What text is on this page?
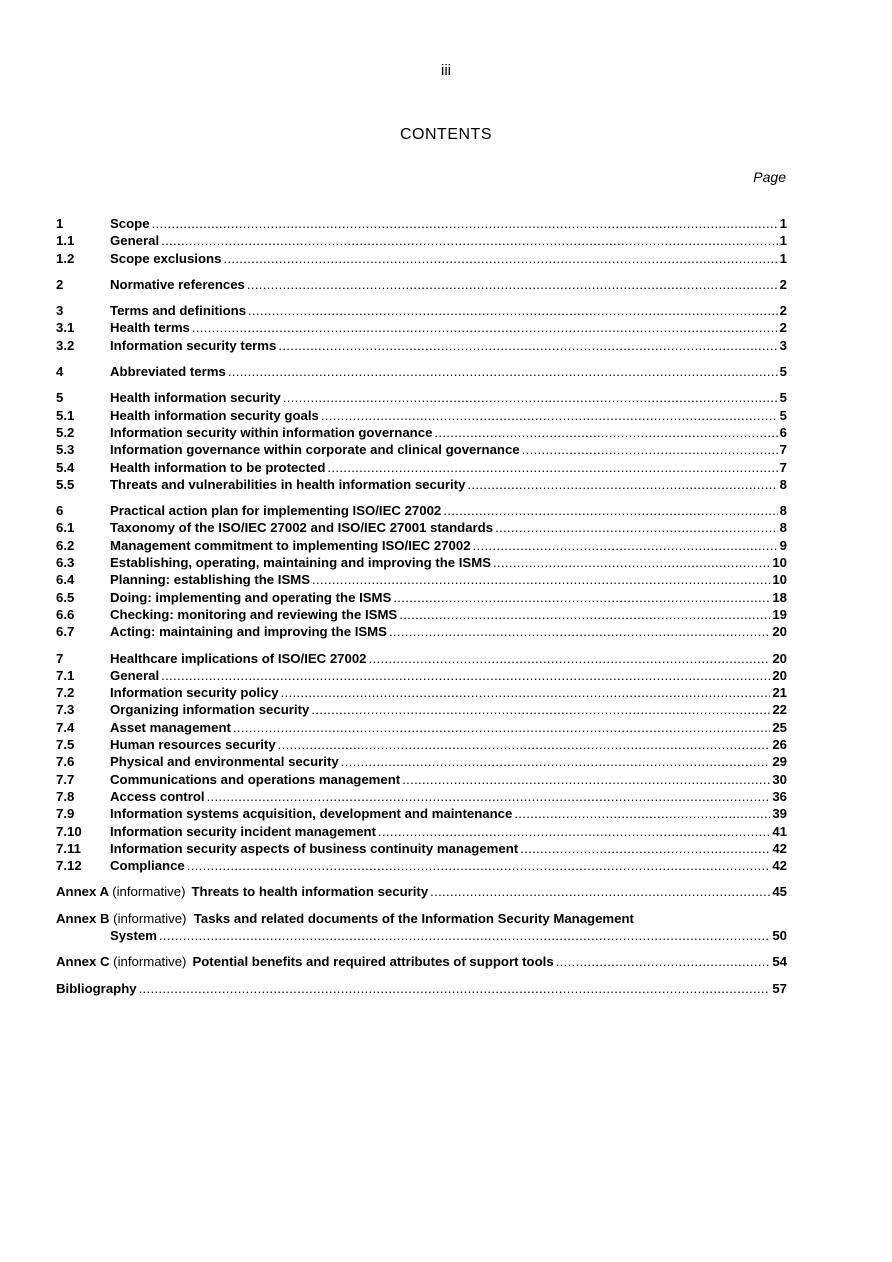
iii
CONTENTS
Page
1	Scope .....	1
1.1	General .....	1
1.2	Scope exclusions .....	1
2	Normative references .....	2
3	Terms and definitions .....	2
3.1	Health terms .....	2
3.2	Information security terms .....	3
4	Abbreviated terms .....	5
5	Health information security .....	5
5.1	Health information security goals .....	5
5.2	Information security within information governance .....	6
5.3	Information governance within corporate and clinical governance .....	7
5.4	Health information to be protected .....	7
5.5	Threats and vulnerabilities in health information security .....	8
6	Practical action plan for implementing ISO/IEC 27002 .....	8
6.1	Taxonomy of the ISO/IEC 27002 and ISO/IEC 27001 standards .....	8
6.2	Management commitment to implementing ISO/IEC 27002 .....	9
6.3	Establishing, operating, maintaining and improving the ISMS .....	10
6.4	Planning: establishing the ISMS .....	10
6.5	Doing: implementing and operating the ISMS .....	18
6.6	Checking: monitoring and reviewing the ISMS .....	19
6.7	Acting: maintaining and improving the ISMS .....	20
7	Healthcare implications of ISO/IEC 27002 .....	20
7.1	General .....	20
7.2	Information security policy .....	21
7.3	Organizing information security .....	22
7.4	Asset management .....	25
7.5	Human resources security .....	26
7.6	Physical and environmental security .....	29
7.7	Communications and operations management .....	30
7.8	Access control .....	36
7.9	Information systems acquisition, development and maintenance .....	39
7.10	Information security incident management .....	41
7.11	Information security aspects of business continuity management .....	42
7.12	Compliance .....	42
Annex A (informative) Threats to health information security .....	45
Annex B (informative) Tasks and related documents of the Information Security Management
System .....	50
Annex C (informative) Potential benefits and required attributes of support tools .....	54
Bibliography .....	57
